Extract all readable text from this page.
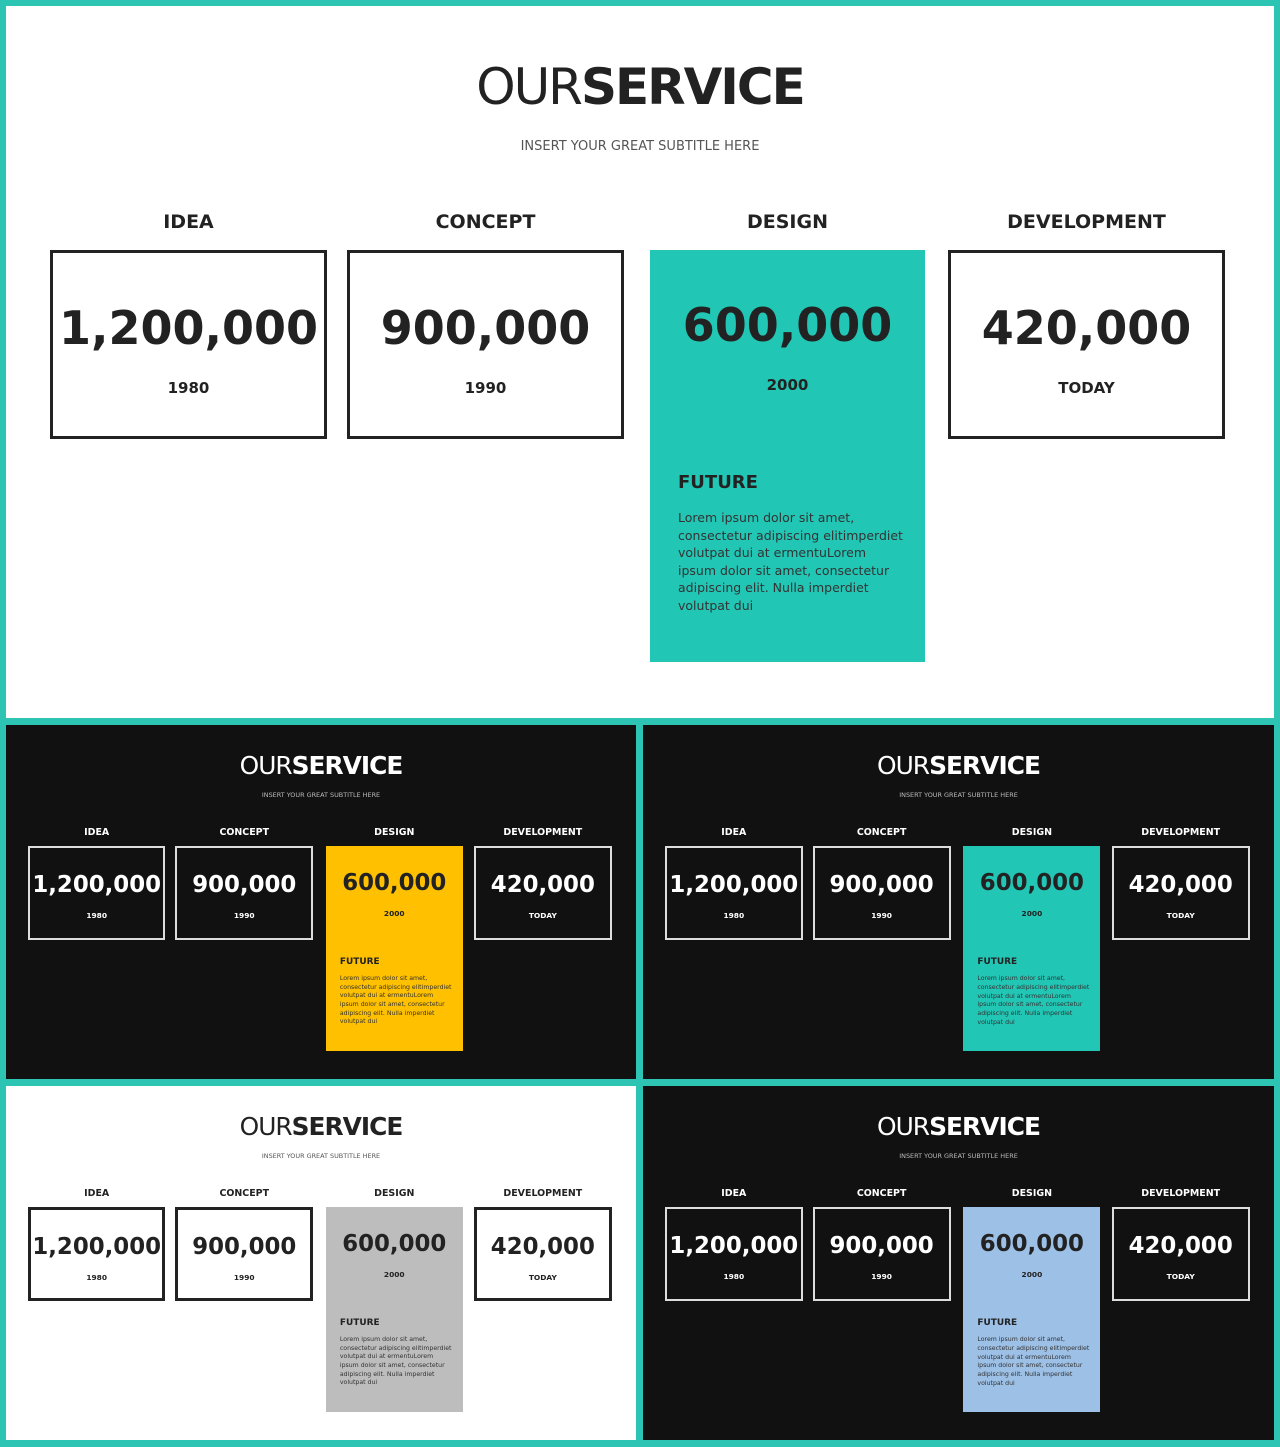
OURSERVICE
INSERT YOUR GREAT SUBTITLE HERE
IDEA
1,200,000
1980
CONCEPT
900,000
1990
DESIGN
600,000
2000
FUTURE
Lorem ipsum dolor sit amet, consectetur adipiscing elitimperdiet volutpat dui at ermentuLorem ipsum dolor sit amet, consectetur adipiscing elit. Nulla imperdiet volutpat dui
DEVELOPMENT
420,000
TODAY
OURSERVICE
INSERT YOUR GREAT SUBTITLE HERE
IDEA
1,200,000
1980
CONCEPT
900,000
1990
DESIGN
600,000
2000
FUTURE
Lorem ipsum dolor sit amet, consectetur adipiscing elitimperdiet volutpat dui at ermentuLorem ipsum dolor sit amet, consectetur adipiscing elit. Nulla imperdiet volutpat dui
DEVELOPMENT
420,000
TODAY
OURSERVICE
INSERT YOUR GREAT SUBTITLE HERE
IDEA
1,200,000
1980
CONCEPT
900,000
1990
DESIGN
600,000
2000
FUTURE
Lorem ipsum dolor sit amet, consectetur adipiscing elitimperdiet volutpat dui at ermentuLorem ipsum dolor sit amet, consectetur adipiscing elit. Nulla imperdiet volutpat dui
DEVELOPMENT
420,000
TODAY
OURSERVICE
INSERT YOUR GREAT SUBTITLE HERE
IDEA
1,200,000
1980
CONCEPT
900,000
1990
DESIGN
600,000
2000
FUTURE
Lorem ipsum dolor sit amet, consectetur adipiscing elitimperdiet volutpat dui at ermentuLorem ipsum dolor sit amet, consectetur adipiscing elit. Nulla imperdiet volutpat dui
DEVELOPMENT
420,000
TODAY
OURSERVICE
INSERT YOUR GREAT SUBTITLE HERE
IDEA
1,200,000
1980
CONCEPT
900,000
1990
DESIGN
600,000
2000
FUTURE
Lorem ipsum dolor sit amet, consectetur adipiscing elitimperdiet volutpat dui at ermentuLorem ipsum dolor sit amet, consectetur adipiscing elit. Nulla imperdiet volutpat dui
DEVELOPMENT
420,000
TODAY
